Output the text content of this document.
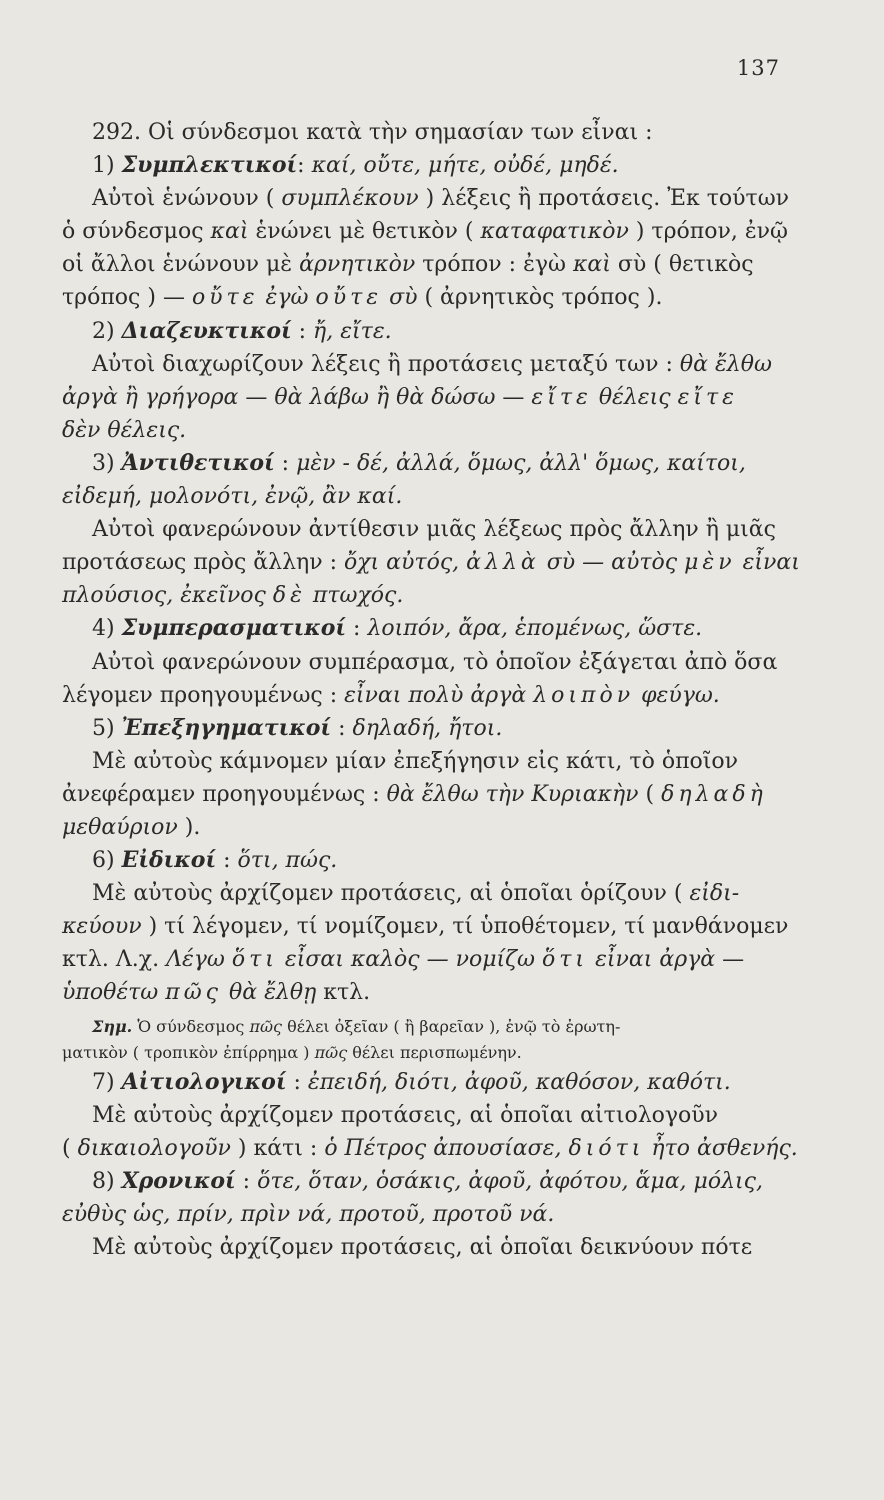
137
292. Οἱ σύνδεσμοι κατὰ τὴν σημασίαν των εἶναι :
1) Συμπλεκτικοί: καί, οὔτε, μήτε, οὐδέ, μηδέ.
Αὐτοὶ ἑνώνουν ( συμπλέκουν ) λέξεις ἢ προτάσεις. Ἐκ τούτων
ὁ σύνδεσμος καὶ ἑνώνει μὲ θετικὸν ( καταφατικὸν ) τρόπον, ἐνῷ
οἱ ἄλλοι ἑνώνουν μὲ ἀρνητικὸν τρόπον : ἐγὼ καὶ σὺ ( θετικὸς
τρόπος ) — οὔτε ἐγὼ οὔτε σὺ ( ἀρνητικὸς τρόπος ).
2) Διαζευκτικοί : ἤ, εἴτε.
Αὐτοὶ διαχωρίζουν λέξεις ἢ προτάσεις μεταξύ των : θὰ ἔλθω
ἀργὰ ἢ γρήγορα — θὰ λάβω ἢ θὰ δώσω — εἴτε θέλεις εἴτε
δὲν θέλεις.
3) Ἀντιθετικοί : μὲν - δέ, ἀλλά, ὅμως, ἀλλ' ὅμως, καίτοι,
εἰδεμή, μολονότι, ἐνῷ, ἂν καί.
Αὐτοὶ φανερώνουν ἀντίθεσιν μιᾶς λέξεως πρὸς ἄλλην ἢ μιᾶς
προτάσεως πρὸς ἄλλην : ὄχι αὐτός, ἀλλὰ σὺ — αὐτὸς μὲν εἶναι
πλούσιος, ἐκεῖνος δὲ πτωχός.
4) Συμπερασματικοί : λοιπόν, ἄρα, ἑπομένως, ὥστε.
Αὐτοὶ φανερώνουν συμπέρασμα, τὸ ὁποῖον ἐξάγεται ἀπὸ ὅσα
λέγομεν προηγουμένως : εἶναι πολὺ ἀργὰ λοιπὸν φεύγω.
5) Ἐπεξηγηματικοί : δηλαδή, ἤτοι.
Μὲ αὐτοὺς κάμνομεν μίαν ἐπεξήγησιν εἰς κάτι, τὸ ὁποῖον
ἀνεφέραμεν προηγουμένως : θὰ ἔλθω τὴν Κυριακὴν ( δηλαδὴ
μεθαύριον ).
6) Εἰδικοί : ὅτι, πώς.
Μὲ αὐτοὺς ἀρχίζομεν προτάσεις, αἱ ὁποῖαι ὁρίζουν ( εἰδι-
κεύουν ) τί λέγομεν, τί νομίζομεν, τί ὑποθέτομεν, τί μανθάνομεν
κτλ. Λ.χ. Λέγω ὅτι εἶσαι καλὸς — νομίζω ὅτι εἶναι ἀργὰ —
ὑποθέτω πῶς θὰ ἔλθῃ κτλ.
Σημ. Ὁ σύνδεσμος πῶς θέλει ὀξεῖαν ( ἢ βαρεῖαν ), ἐνῷ τὸ ἐρωτη-
ματικὸν ( τροπικὸν ἐπίρρημα ) πῶς θέλει περισπωμένην.
7) Αἰτιολογικοί : ἐπειδή, διότι, ἀφοῦ, καθόσον, καθότι.
Μὲ αὐτοὺς ἀρχίζομεν προτάσεις, αἱ ὁποῖαι αἰτιολογοῦν
( δικαιολογοῦν ) κάτι : ὁ Πέτρος ἀπουσίασε, διότι ἦτο ἀσθενής.
8) Χρονικοί : ὅτε, ὅταν, ὁσάκις, ἀφοῦ, ἀφότου, ἅμα, μόλις,
εὐθὺς ὡς, πρίν, πρὶν νά, προτοῦ, προτοῦ νά.
Μὲ αὐτοὺς ἀρχίζομεν προτάσεις, αἱ ὁποῖαι δεικνύουν πότε
